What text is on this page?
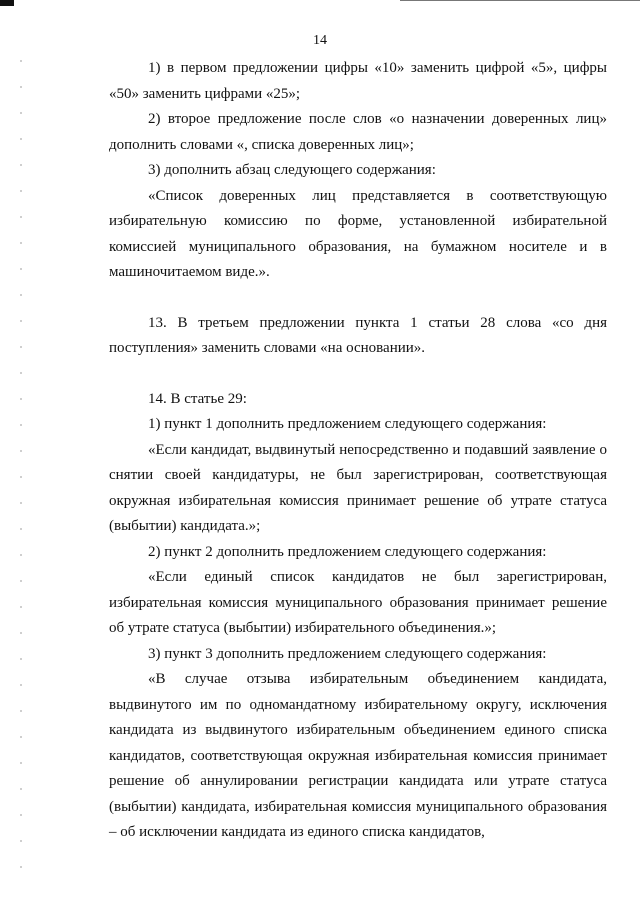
14

1) в первом предложении цифры «10» заменить цифрой «5», цифры «50» заменить цифрами «25»;

2) второе предложение после слов «о назначении доверенных лиц» дополнить словами «, списка доверенных лиц»;

3) дополнить абзац следующего содержания:

«Список доверенных лиц представляется в соответствующую избирательную комиссию по форме, установленной избирательной комиссией муниципального образования, на бумажном носителе и в машиночитаемом виде.».

13. В третьем предложении пункта 1 статьи 28 слова «со дня поступления» заменить словами «на основании».

14. В статье 29:

1) пункт 1 дополнить предложением следующего содержания:

«Если кандидат, выдвинутый непосредственно и подавший заявление о снятии своей кандидатуры, не был зарегистрирован, соответствующая окружная избирательная комиссия принимает решение об утрате статуса (выбытии) кандидата.»;

2) пункт 2 дополнить предложением следующего содержания:

«Если единый список кандидатов не был зарегистрирован, избирательная комиссия муниципального образования принимает решение об утрате статуса (выбытии) избирательного объединения.»;

3) пункт 3 дополнить предложением следующего содержания:

«В случае отзыва избирательным объединением кандидата, выдвинутого им по одномандатному избирательному округу, исключения кандидата из выдвинутого избирательным объединением единого списка кандидатов, соответствующая окружная избирательная комиссия принимает решение об аннулировании регистрации кандидата или утрате статуса (выбытии) кандидата, избирательная комиссия муниципального образования – об исключении кандидата из единого списка кандидатов,
